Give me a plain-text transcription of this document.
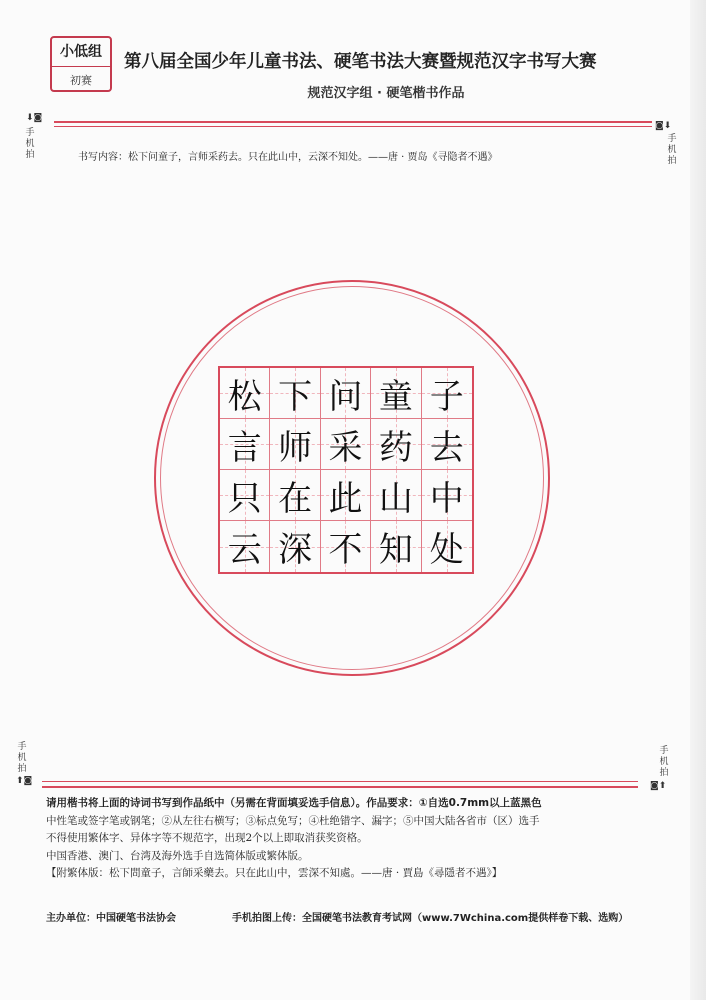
小低组
初赛
第八届全国少年儿童书法、硬笔书法大赛暨规范汉字书写大赛
规范汉字组 · 硬笔楷书作品
⬇◙
手
机
拍
◙⬇
手
机
拍
书写内容：松下问童子，言师采药去。只在此山中，云深不知处。——唐 · 贾岛《寻隐者不遇》
松 下 问 童 子
言 师 采 药 去
只 在 此 山 中
云 深 不 知 处
手
机
拍
⬆◙
手
机
拍
◙⬆
请用楷书将上面的诗词书写到作品纸中（另需在背面填妥选手信息）。作品要求：①自选0.7mm以上蓝黑色
中性笔或签字笔或钢笔；②从左往右横写；③标点免写；④杜绝错字、漏字；⑤中国大陆各省市（区）选手
不得使用繁体字、异体字等不规范字，出现2个以上即取消获奖资格。
中国香港、澳门、台湾及海外选手自选简体版或繁体版。
【附繁体版：松下問童子，言師采藥去。只在此山中，雲深不知處。——唐 · 賈島《尋隱者不遇》】
主办单位：中国硬笔书法协会	手机拍图上传：全国硬笔书法教育考试网（www.7Wchina.com提供样卷下载、选购）
